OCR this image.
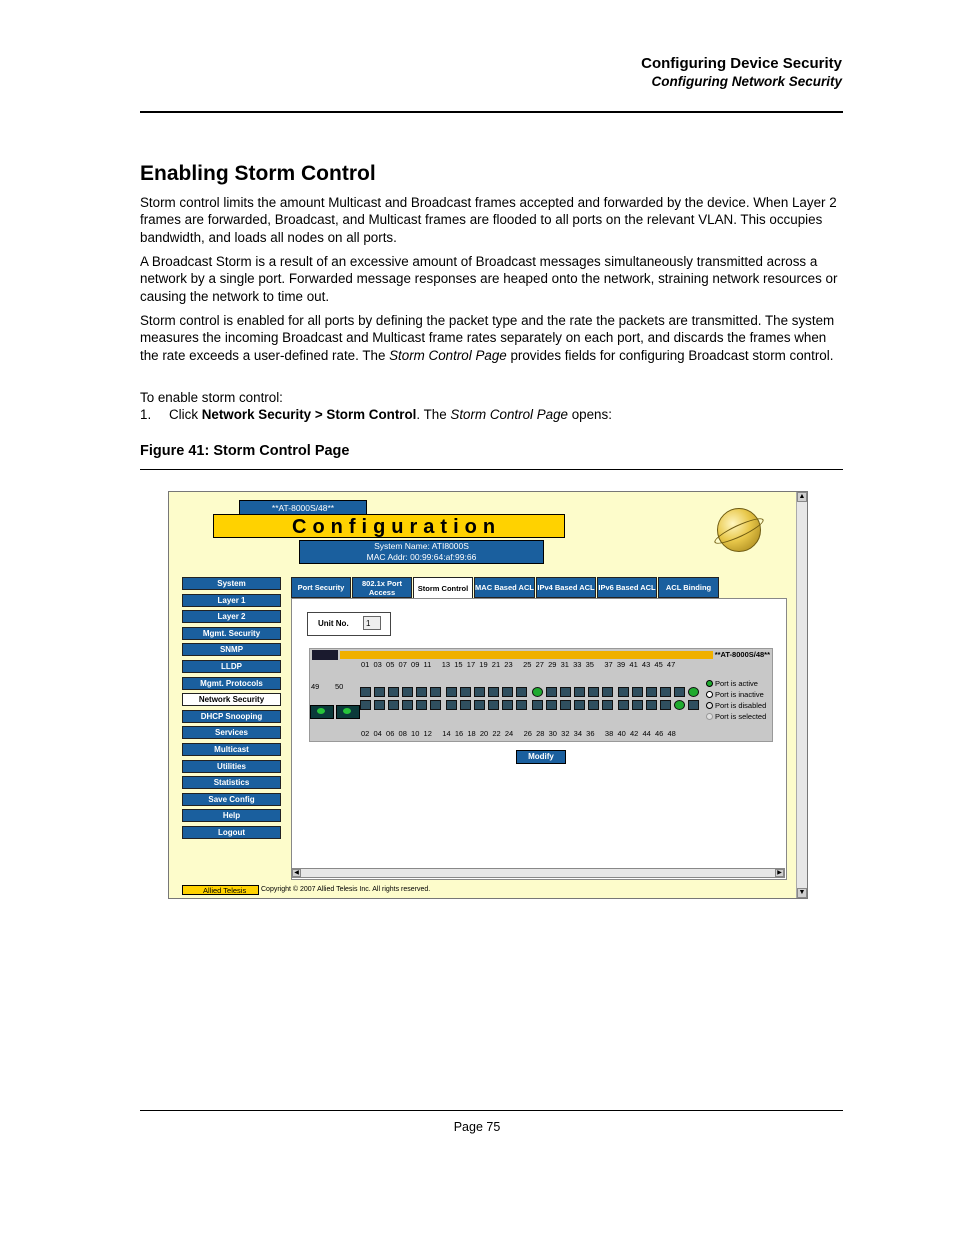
Configuring Device Security
Configuring Network Security
Enabling Storm Control

Storm control limits the amount Multicast and Broadcast frames accepted and forwarded by the device. When Layer 2 frames are forwarded, Broadcast, and Multicast frames are flooded to all ports on the relevant VLAN. This occupies bandwidth, and loads all nodes on all ports.

A Broadcast Storm is a result of an excessive amount of Broadcast messages simultaneously transmitted across a network by a single port. Forwarded message responses are heaped onto the network, straining network resources or causing the network to time out.

Storm control is enabled for all ports by defining the packet type and the rate the packets are transmitted. The system measures the incoming Broadcast and Multicast frame rates separately on each port, and discards the frames when the rate exceeds a user-defined rate. The Storm Control Page provides fields for configuring Broadcast storm control.

To enable storm control:

1. Click Network Security > Storm Control. The Storm Control Page opens:
Figure 41: Storm Control Page
**AT-8000S/48**
Configuration
System Name: ATI8000S
MAC Addr: 00:99:64:af:99:66
System
Layer 1
Layer 2
Mgmt. Security
SNMP
LLDP
Mgmt. Protocols
Network Security
DHCP Snooping
Services
Multicast
Utilities
Statistics
Save Config
Help
Logout
Port Security	802.1x Port Access	Storm Control MAC Based ACL IPv4 Based ACL IPv6 Based ACL	ACL Binding
Unit No.	1
**AT-8000S/48**
01  03  05  07  09  11     13  15  17  19  21  23     25  27  29  31  33  35     37  39  41  43  45  47
02  04  06  08  10  12     14  16  18  20  22  24     26  28  30  32  34  36     38  40  42  44  46  48
49 50	Port is active
Port is inactive
Port is disabled
Port is selected
Modify
◀	▶
Allied Telesis	Copyright © 2007 Allied Telesis Inc. All rights reserved.
▲
▼
Page 75
